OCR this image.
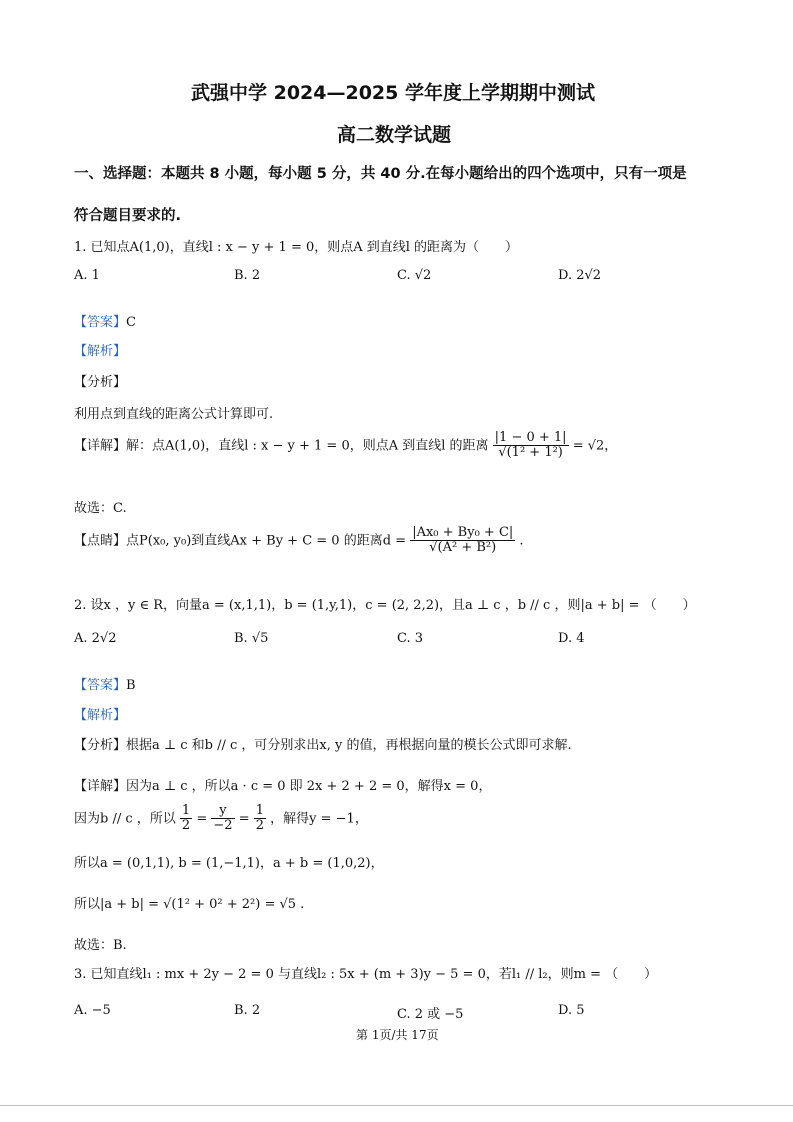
武强中学 2024—2025 学年度上学期期中测试
高二数学试题
一、选择题：本题共 8 小题，每小题 5 分，共 40 分.在每小题给出的四个选项中，只有一项是
符合题目要求的.
1. 已知点A(1,0)，直线l : x − y + 1 = 0，则点A 到直线l 的距离为（　　）
A. 1	B. 2	C. √2	D. 2√2
【答案】C
【解析】
【分析】
利用点到直线的距离公式计算即可.
【详解】解：点A(1,0)，直线l : x − y + 1 = 0，则点A 到直线l 的距离 $\frac{|1 - 0 + 1|}{\text{√(1² + 1²)}} = √2$，
故选：C.
【点睛】点P(x₀, y₀)到直线Ax + By + C = 0 的距离$d = \frac{\text{|Ax₀ + By₀ + C|}}{\text{√(A² + B²)}}$ .
2. 设x ，y ∈ R，向量a = (x,1,1)，b = (1,y,1)，c = (2, 2,2)，且a ⊥ c ，b // c ，则|a + b| = （　　）
A. 2√2	B. √5	C. 3	D. 4
【答案】B
【解析】
【分析】根据a ⊥ c 和b // c ，可分别求出x, y 的值，再根据向量的模长公式即可求解.
【详解】因为a ⊥ c ，所以a · c = 0 即 2x + 2 + 2 = 0，解得x = 0，
因为b // c ，所以 $\frac{1}{2} = \frac{y}{-2} = \frac{1}{2}$ ，解得y = −1，
所以a = (0,1,1), b = (1,−1,1)，a + b = (1,0,2)，
所以|a + b| = √(1² + 0² + 2²) = √5 .
故选：B.
3. 已知直线l₁ : mx + 2y − 2 = 0 与直线l₂ : 5x + (m + 3)y − 5 = 0，若l₁ // l₂，则m = （　　）
A. −5	B. 2	C. 2 或 −5	D. 5
第 1页/共 17页
